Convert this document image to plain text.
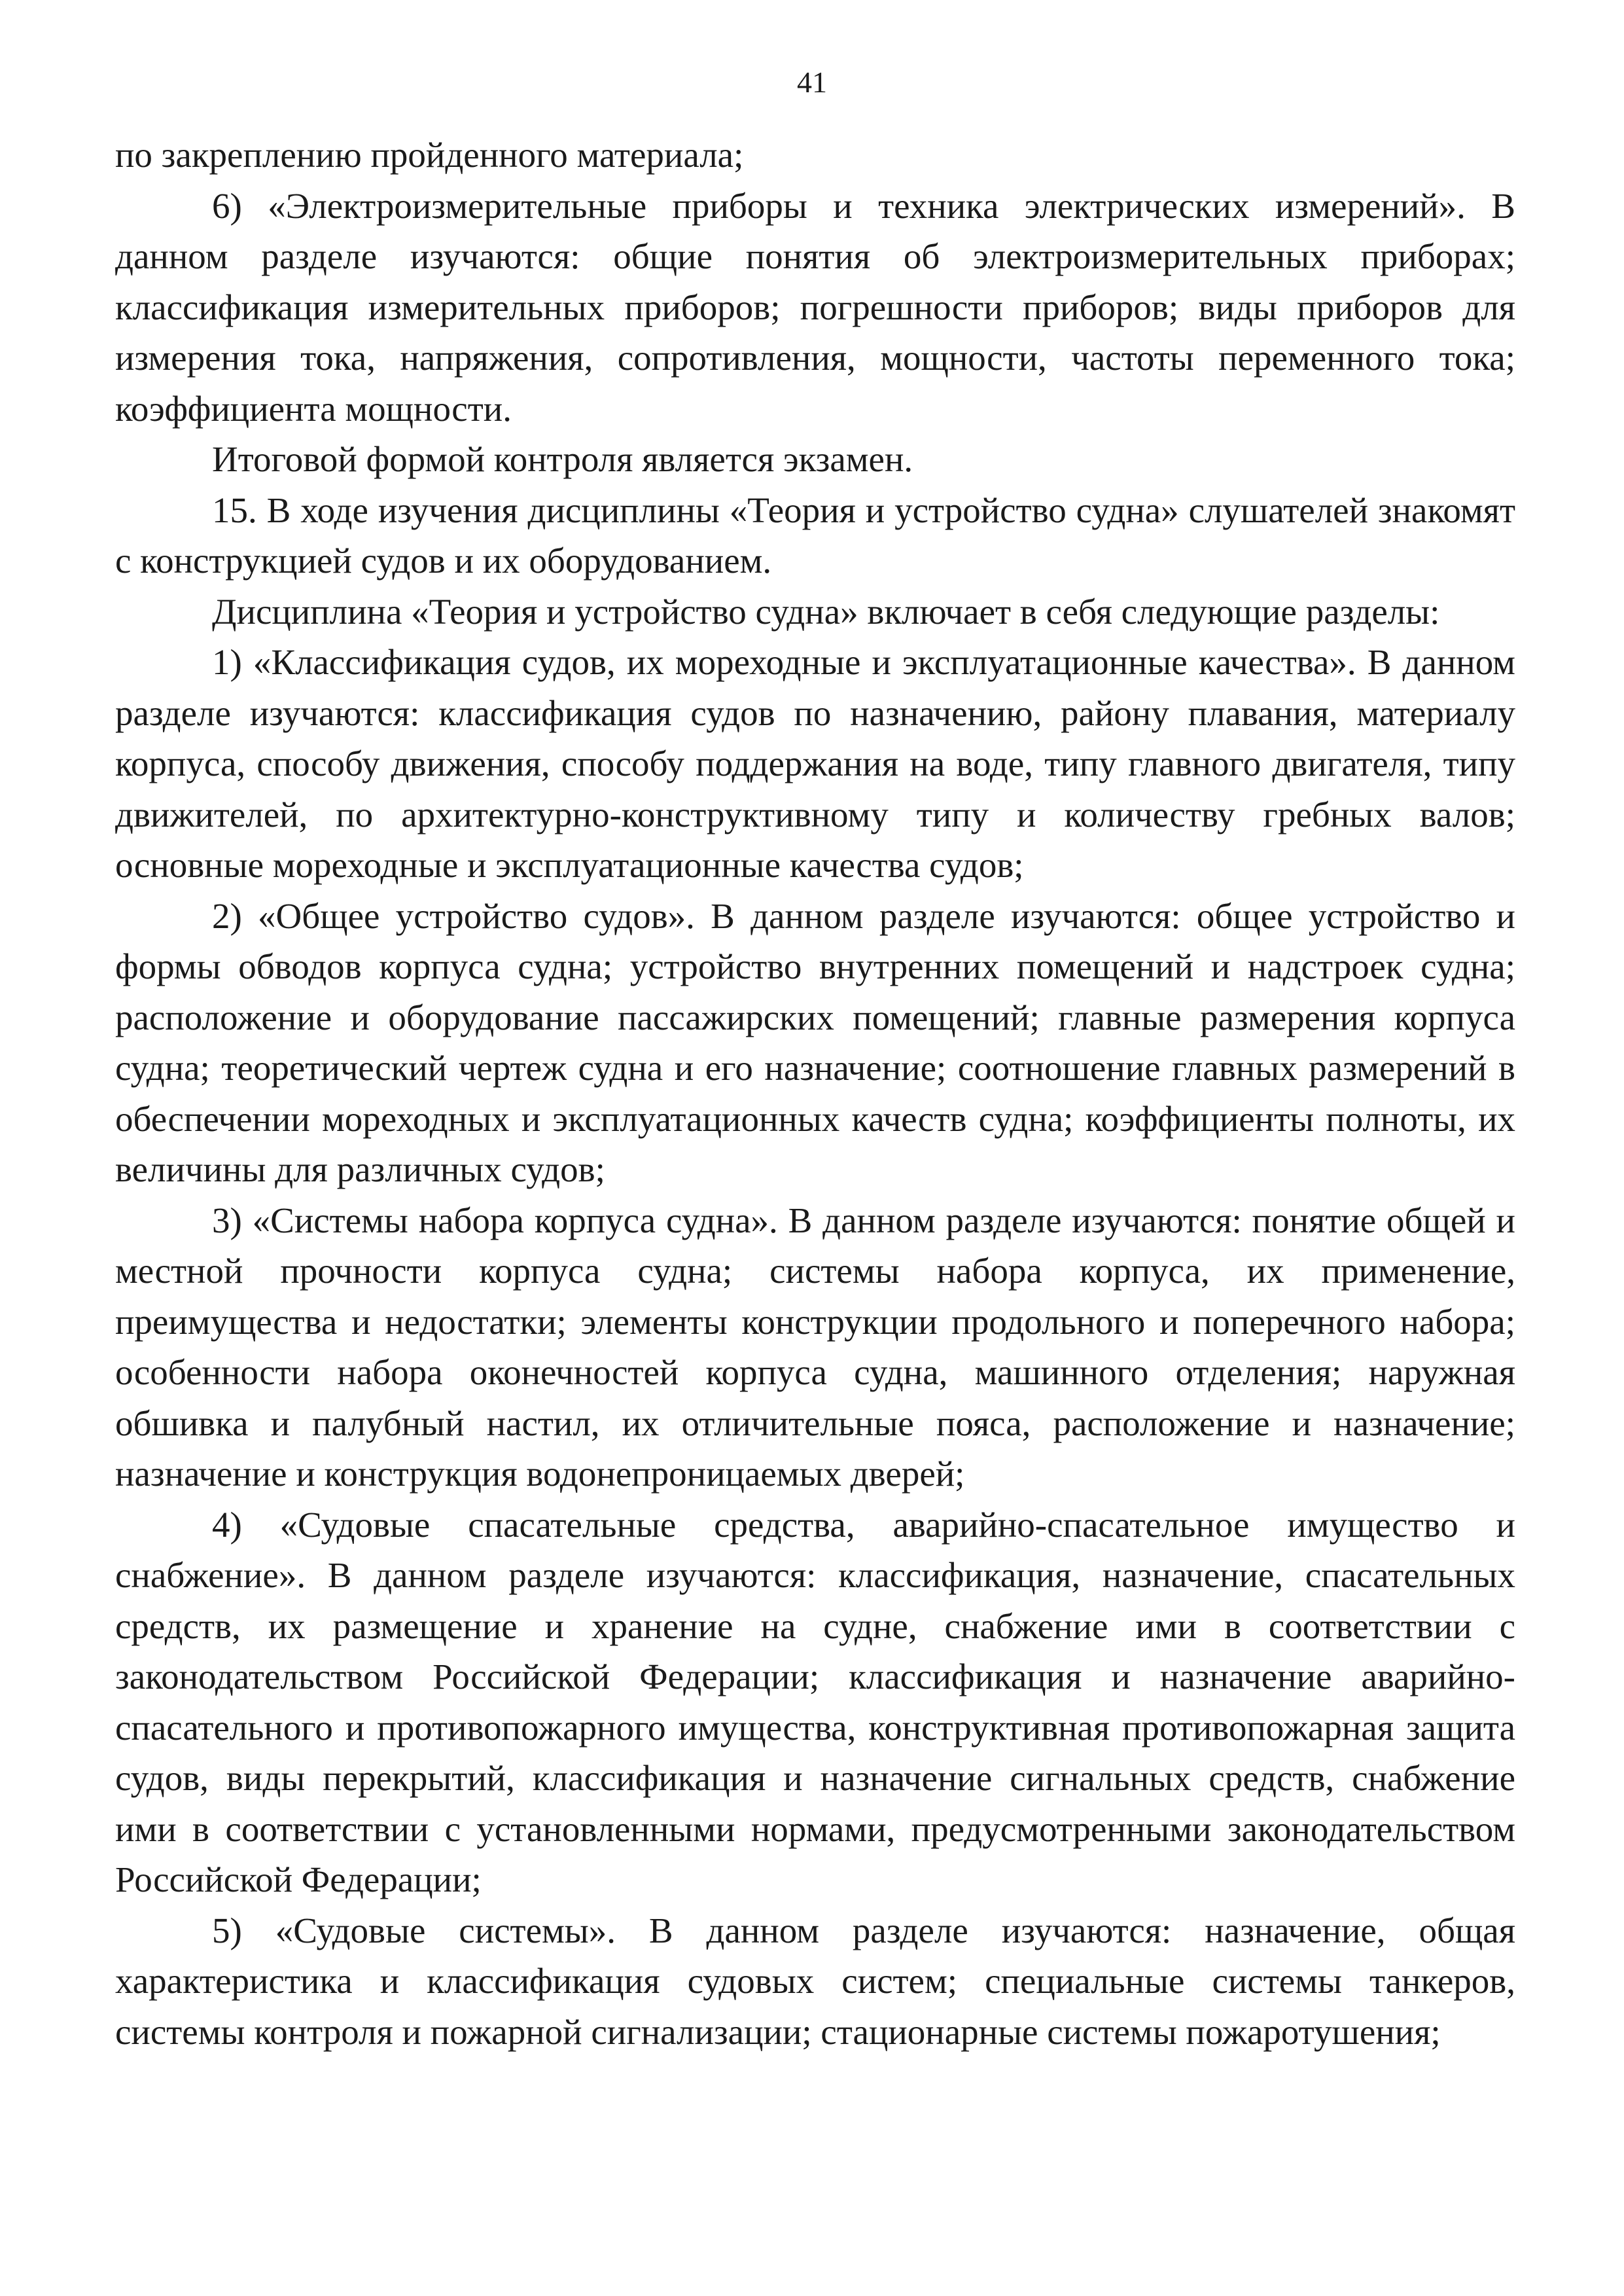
41

по закреплению пройденного материала;

6) «Электроизмерительные приборы и техника электрических измерений». В данном разделе изучаются: общие понятия об электроизмерительных приборах; классификация измерительных приборов; погрешности приборов; виды приборов для измерения тока, напряжения, сопротивления, мощности, частоты переменного тока; коэффициента мощности.

Итоговой формой контроля является экзамен.

15. В ходе изучения дисциплины «Теория и устройство судна» слушателей знакомят с конструкцией судов и их оборудованием.

Дисциплина «Теория и устройство судна» включает в себя следующие разделы:

1) «Классификация судов, их мореходные и эксплуатационные качества». В данном разделе изучаются: классификация судов по назначению, району плавания, материалу корпуса, способу движения, способу поддержания на воде, типу главного двигателя, типу движителей, по архитектурно-конструктивному типу и количеству гребных валов; основные мореходные и эксплуатационные качества судов;

2) «Общее устройство судов». В данном разделе изучаются: общее устройство и формы обводов корпуса судна; устройство внутренних помещений и надстроек судна; расположение и оборудование пассажирских помещений; главные размерения корпуса судна; теоретический чертеж судна и его назначение; соотношение главных размерений в обеспечении мореходных и эксплуатационных качеств судна; коэффициенты полноты, их величины для различных судов;

3) «Системы набора корпуса судна». В данном разделе изучаются: понятие общей и местной прочности корпуса судна; системы набора корпуса, их применение, преимущества и недостатки; элементы конструкции продольного и поперечного набора; особенности набора оконечностей корпуса судна, машинного отделения; наружная обшивка и палубный настил, их отличительные пояса, расположение и назначение; назначение и конструкция водонепроницаемых дверей;

4) «Судовые спасательные средства, аварийно-спасательное имущество и снабжение». В данном разделе изучаются: классификация, назначение, спасательных средств, их размещение и хранение на судне, снабжение ими в соответствии с законодательством Российской Федерации; классификация и назначение аварийно-спасательного и противопожарного имущества, конструктивная противопожарная защита судов, виды перекрытий, классификация и назначение сигнальных средств, снабжение ими в соответствии с установленными нормами, предусмотренными законодательством Российской Федерации;

5) «Судовые системы». В данном разделе изучаются: назначение, общая характеристика и классификация судовых систем; специальные системы танкеров, системы контроля и пожарной сигнализации; стационарные системы пожаротушения;
